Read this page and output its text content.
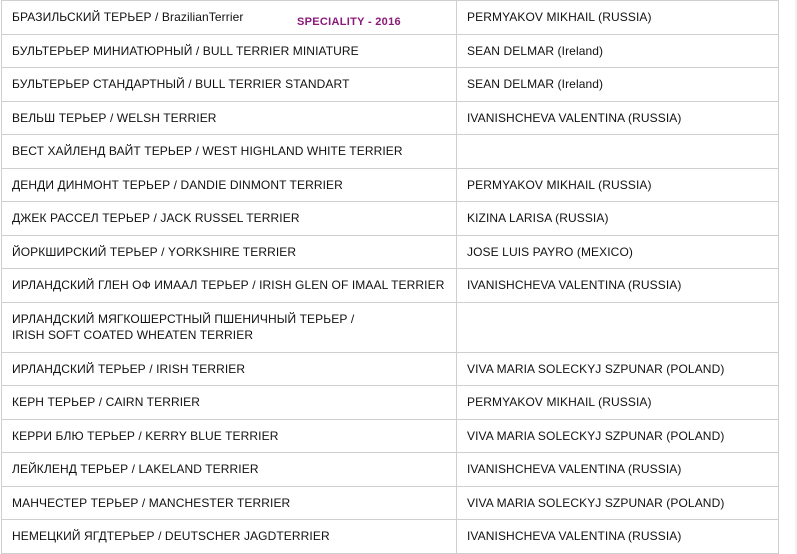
БРАЗИЛЬСКИЙ ТЕРЬЕР / BrazilianTerrier	PERMYAKOV MIKHAIL (RUSSIA)

БУЛЬТЕРЬЕР МИНИАТЮРНЫЙ / BULL TERRIER MINIATURE	SEAN DELMAR (Ireland)

БУЛЬТЕРЬЕР СТАНДАРТНЫЙ / BULL TERRIER STANDART	SEAN DELMAR (Ireland)

ВЕЛЬШ ТЕРЬЕР / WELSH TERRIER	IVANISHCHEVA VALENTINA (RUSSIA)

ВЕСТ ХАЙЛЕНД ВАЙТ ТЕРЬЕР / WEST HIGHLAND WHITE TERRIER	

ДЕНДИ ДИНМОНТ ТЕРЬЕР / DANDIE DINMONT TERRIER	PERMYAKOV MIKHAIL (RUSSIA)

ДЖЕК РАССЕЛ ТЕРЬЕР / JACK RUSSEL TERRIER	KIZINA LARISA (RUSSIA)

ЙОРКШИРСКИЙ ТЕРЬЕР / YORKSHIRE TERRIER	JOSE LUIS PAYRO (MEXICO)

ИРЛАНДСКИЙ ГЛЕН ОФ ИМААЛ ТЕРЬЕР / IRISH GLEN OF IMAAL TERRIER	IVANISHCHEVA VALENTINA (RUSSIA)

ИРЛАНДСКИЙ МЯГКОШЕРСТНЫЙ ПШЕНИЧНЫЙ ТЕРЬЕР /
IRISH SOFT COATED WHEATEN TERRIER	

ИРЛАНДСКИЙ ТЕРЬЕР / IRISH TERRIER	VIVA MARIA SOLECKYJ SZPUNAR (POLAND)

КЕРН ТЕРЬЕР / CAIRN TERRIER	PERMYAKOV MIKHAIL (RUSSIA)

КЕРРИ БЛЮ ТЕРЬЕР / KERRY BLUE TERRIER	VIVA MARIA SOLECKYJ SZPUNAR (POLAND)

ЛЕЙКЛЕНД ТЕРЬЕР / LAKELAND TERRIER	IVANISHCHEVA VALENTINA (RUSSIA)

МАНЧЕСТЕР ТЕРЬЕР / MANCHESTER TERRIER	VIVA MARIA SOLECKYJ SZPUNAR (POLAND)

НЕМЕЦКИЙ ЯГДТЕРЬЕР / DEUTSCHER JAGDTERRIER	IVANISHCHEVA VALENTINA (RUSSIA)
SPECIALITY - 2016
